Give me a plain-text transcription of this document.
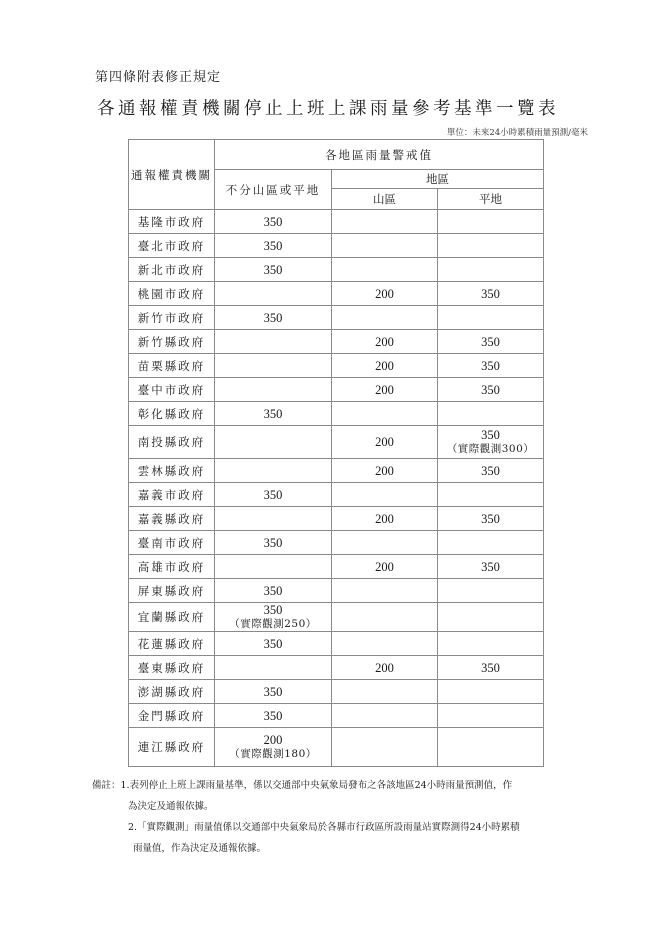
第四條附表修正規定
各通報權責機關停止上班上課雨量參考基準一覽表
單位：未來24小時累積雨量預測/毫米
通報權責機關	各地區雨量警戒值		
	不分山區或平地	地區	
		山區	平地
基隆市政府	350		
臺北市政府	350		
新北市政府	350		
桃園市政府		200	350
新竹市政府	350		
新竹縣政府		200	350
苗栗縣政府		200	350
臺中市政府		200	350
彰化縣政府	350		
南投縣政府		200	350
（實際觀測300）

雲林縣政府		200	350
嘉義市政府	350		
嘉義縣政府		200	350
臺南市政府	350		
高雄市政府		200	350
屏東縣政府	350		
宜蘭縣政府	350
（實際觀測250）		

花蓮縣政府	350		
臺東縣政府		200	350
澎湖縣政府	350		
金門縣政府	350		
連江縣政府	200
（實際觀測180）		

備註：1.表列停止上班上課雨量基準，係以交通部中央氣象局發布之各該地區24小時雨量預測值，作
為決定及通報依據。
2.「實際觀測」雨量值係以交通部中央氣象局於各縣市行政區所設雨量站實際測得24小時累積
雨量值，作為決定及通報依據。
